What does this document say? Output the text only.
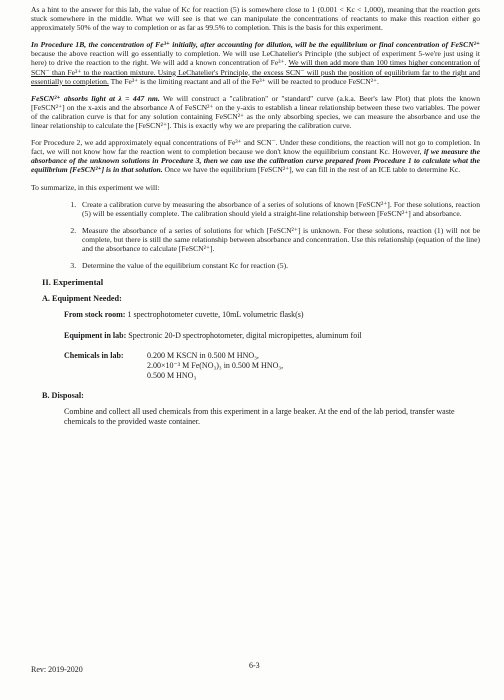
As a hint to the answer for this lab, the value of Kc for reaction (5) is somewhere close to 1 (0.001 < Kc < 1,000), meaning that the reaction gets stuck somewhere in the middle. What we will see is that we can manipulate the concentrations of reactants to make this reaction either go approximately 50% of the way to completion or as far as 99.5% to completion. This is the basis for this experiment.

In Procedure 1B, the concentration of Fe³⁺ initially, after accounting for dilution, will be the equilibrium or final concentration of FeSCN²⁺ because the above reaction will go essentially to completion. We will use LeChatelier's Principle (the subject of experiment 5-we're just using it here) to drive the reaction to the right. We will add a known concentration of Fe³⁺. We will then add more than 100 times higher concentration of SCN⁻ than Fe³⁺ to the reaction mixture. Using LeChatelier's Principle, the excess SCN⁻ will push the position of equilibrium far to the right and essentially to completion. The Fe³⁺ is the limiting reactant and all of the Fe³⁺ will be reacted to produce FeSCN²⁺.

FeSCN²⁺ absorbs light at λ = 447 nm. We will construct a "calibration" or "standard" curve (a.k.a. Beer's law Plot) that plots the known [FeSCN²⁺] on the x-axis and the absorbance A of FeSCN²⁺ on the y-axis to establish a linear relationship between these two variables. The power of the calibration curve is that for any solution containing FeSCN²⁺ as the only absorbing species, we can measure the absorbance and use the linear relationship to calculate the [FeSCN²⁺]. This is exactly why we are preparing the calibration curve.

For Procedure 2, we add approximately equal concentrations of Fe³⁺ and SCN⁻. Under these conditions, the reaction will not go to completion. In fact, we will not know how far the reaction went to completion because we don't know the equilibrium constant Kc. However, if we measure the absorbance of the unknown solutions in Procedure 3, then we can use the calibration curve prepared from Procedure 1 to calculate what the equilibrium [FeSCN²⁺] is in that solution. Once we have the equilibrium [FeSCN²⁺], we can fill in the rest of an ICE table to determine Kc.

To summarize, in this experiment we will:

1. Create a calibration curve by measuring the absorbance of a series of solutions of known [FeSCN²⁺]. For these solutions, reaction (5) will be essentially complete. The calibration should yield a straight-line relationship between [FeSCN²⁺] and absorbance.
2. Measure the absorbance of a series of solutions for which [FeSCN²⁺] is unknown. For these solutions, reaction (1) will not be complete, but there is still the same relationship between absorbance and concentration. Use this relationship (equation of the line) and the absorbance to calculate [FeSCN²⁺].
3. Determine the value of the equilibrium constant Kc for reaction (5).
II. Experimental
A. Equipment Needed:
From stock room: 1 spectrophotometer cuvette, 10mL volumetric flask(s)
Equipment in lab: Spectronic 20-D spectrophotometer, digital micropipettes, aluminum foil
Chemicals in lab:	0.200 M KSCN in 0.500 M HNO₃,
2.00×10⁻³ M Fe(NO₃)₃ in 0.500 M HNO₃,
0.500 M HNO₃
B. Disposal:

Combine and collect all used chemicals from this experiment in a large beaker. At the end of the lab period, transfer waste chemicals to the provided waste container.

Rev: 2019-2020	6-3
